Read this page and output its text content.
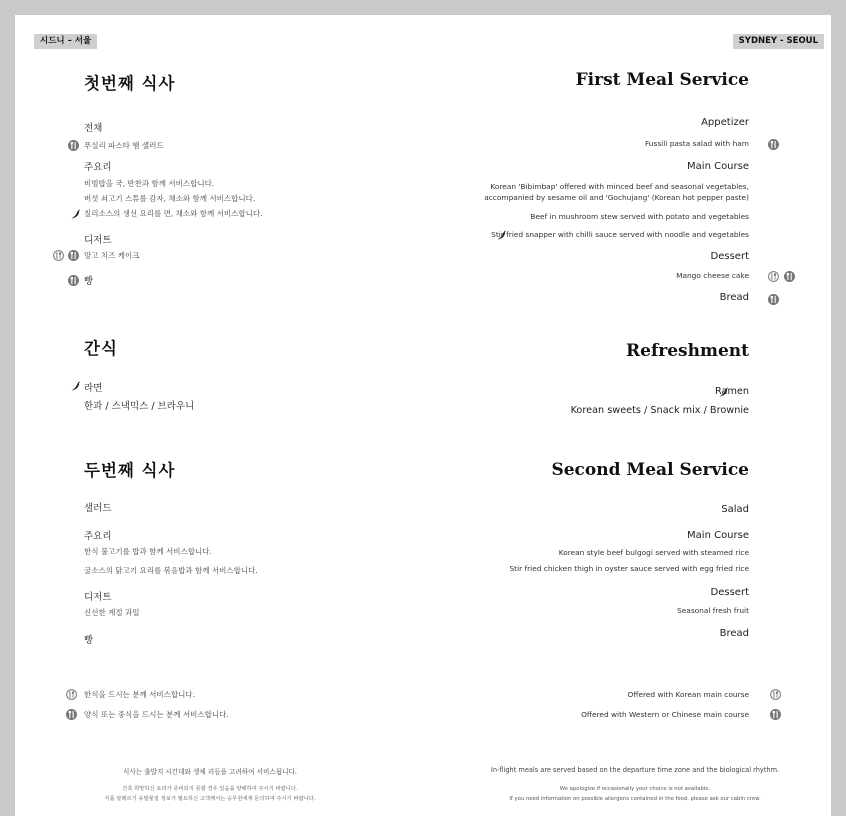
시드니 – 서울	SYDNEY - SEOUL
첫번째 식사
전채
푸실리 파스타 햄 샐러드
주요리
비빔밥을 국, 반찬과 함께 서비스합니다.
버섯 쇠고기 스튜를 감자, 채소와 함께 서비스합니다.
칠리소스의 생선 요리를 면, 채소와 함께 서비스합니다.
디저트
망고 치즈 케이크
빵
간식
라면
한과 / 스낵믹스 / 브라우니
두번째 식사
샐러드
주요리
한식 불고기를 밥과 함께 서비스합니다.
굴소스의 닭고기 요리를 볶음밥과 함께 서비스합니다.
디저트
신선한 계절 과일
빵
한식을 드시는 분께 서비스합니다.
양식 또는 중식을 드시는 분께 서비스합니다.
식사는 출발지 시간대와 생체 리듬을 고려하여 서비스됩니다.
간혹 희망하신 요리가 준비되지 못할 경우 있음을 양해하여 주시기 바랍니다.
식품 알레르기 유발물질 정보가 필요하신 고객께서는 승무원에게 문의하여 주시기 바랍니다.
First Meal Service
Appetizer
Fussili pasta salad with ham
Main Course
Korean 'Bibimbap' offered with minced beef and seasonal vegetables,
accompanied by sesame oil and 'Gochujang' (Korean hot pepper paste)
Beef in mushroom stew served with potato and vegetables
Stir fried snapper with chilli sauce served with noodle and vegetables
Dessert
Mango cheese cake
Bread
Refreshment
Ramen
Korean sweets / Snack mix / Brownie
Second Meal Service
Salad
Main Course
Korean style beef bulgogi served with steamed rice
Stir fried chicken thigh in oyster sauce served with egg fried rice
Dessert
Seasonal fresh fruit
Bread
Offered with Korean main course
Offered with Western or Chinese main course
In-flight meals are served based on the departure time zone and the biological rhythm.
We apologize if occasionally your choice is not available.
If you need information on possible allergens contained in the food, please ask our cabin crew.
